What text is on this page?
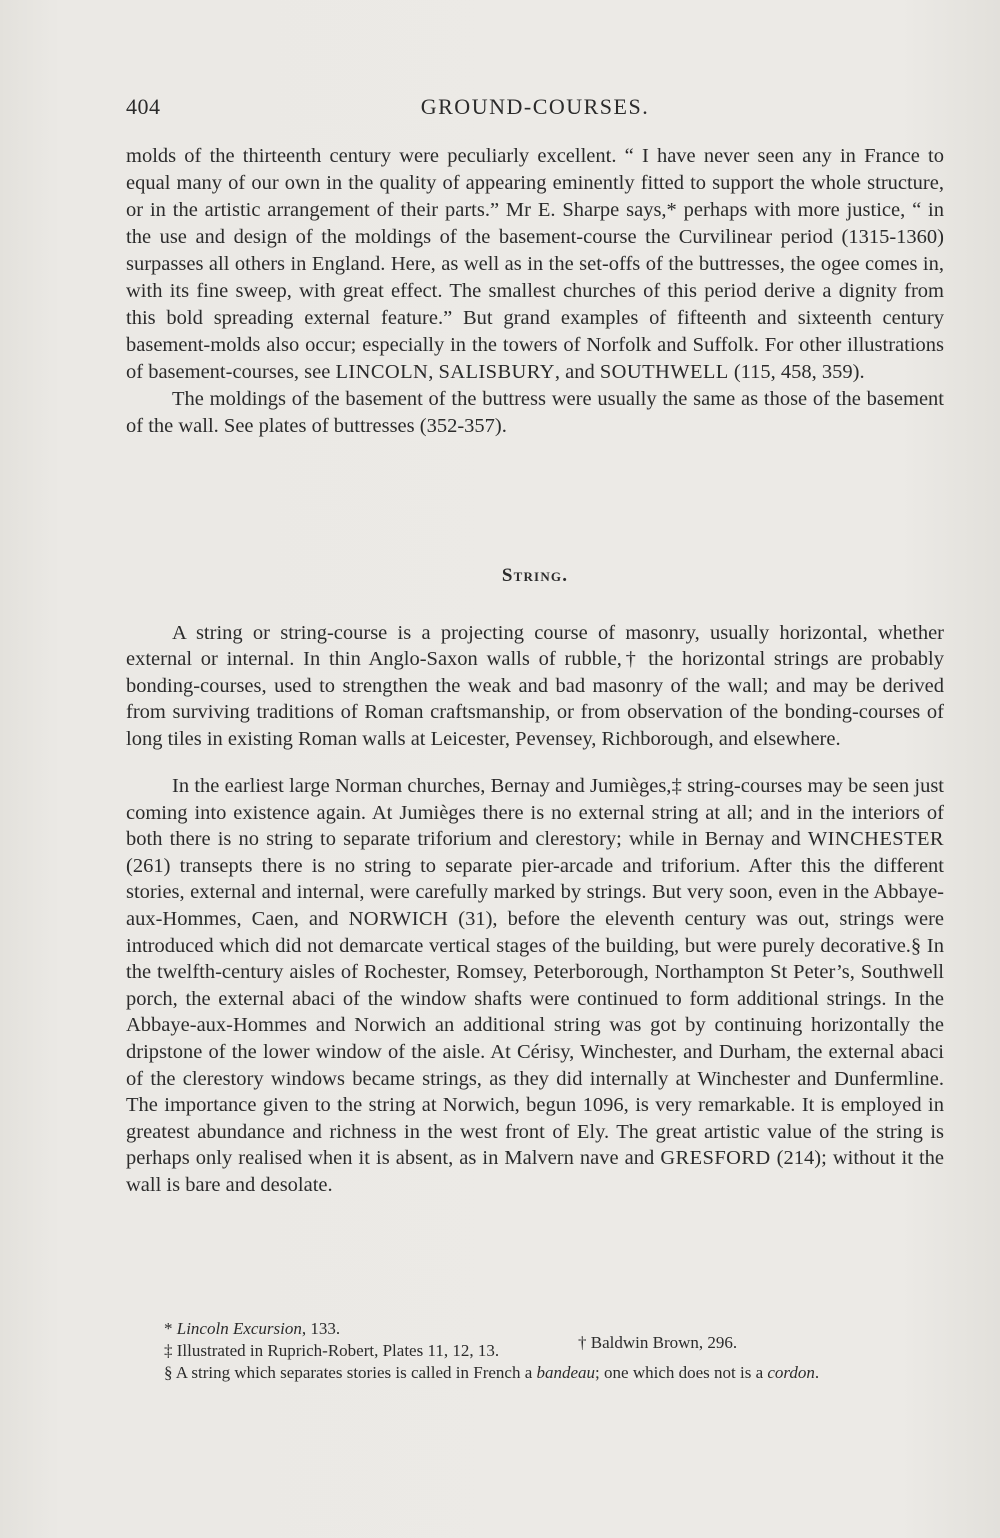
404	GROUND-COURSES.

molds of the thirteenth century were peculiarly excellent. “ I have never seen any in France to equal many of our own in the quality of appearing eminently fitted to support the whole structure, or in the artistic arrangement of their parts.” Mr E. Sharpe says,* perhaps with more justice, “ in the use and design of the moldings of the basement-course the Curvilinear period (1315-1360) surpasses all others in England. Here, as well as in the set-offs of the buttresses, the ogee comes in, with its fine sweep, with great effect. The smallest churches of this period derive a dignity from this bold spreading external feature.” But grand examples of fifteenth and sixteenth century basement-molds also occur; especially in the towers of Norfolk and Suffolk. For other illustrations of basement-courses, see LINCOLN, SALISBURY, and SOUTHWELL (115, 458, 359).

The moldings of the basement of the buttress were usually the same as those of the basement of the wall. See plates of buttresses (352-357).

String.

A string or string-course is a projecting course of masonry, usually horizontal, whether external or internal. In thin Anglo-Saxon walls of rubble,† the horizontal strings are probably bonding-courses, used to strengthen the weak and bad masonry of the wall; and may be derived from surviving traditions of Roman craftsmanship, or from observation of the bonding-courses of long tiles in existing Roman walls at Leicester, Pevensey, Richborough, and elsewhere.

In the earliest large Norman churches, Bernay and Jumièges,‡ string-courses may be seen just coming into existence again. At Jumièges there is no external string at all; and in the interiors of both there is no string to separate triforium and clerestory; while in Bernay and WINCHESTER (261) transepts there is no string to separate pier-arcade and triforium. After this the different stories, external and internal, were carefully marked by strings. But very soon, even in the Abbaye-aux-Hommes, Caen, and NORWICH (31), before the eleventh century was out, strings were introduced which did not demarcate vertical stages of the building, but were purely decorative.§ In the twelfth-century aisles of Rochester, Romsey, Peterborough, Northampton St Peter’s, Southwell porch, the external abaci of the window shafts were continued to form additional strings. In the Abbaye-aux-Hommes and Norwich an additional string was got by continuing horizontally the dripstone of the lower window of the aisle. At Cérisy, Winchester, and Durham, the external abaci of the clerestory windows became strings, as they did internally at Winchester and Dunfermline. The importance given to the string at Norwich, begun 1096, is very remarkable. It is employed in greatest abundance and richness in the west front of Ely. The great artistic value of the string is perhaps only realised when it is absent, as in Malvern nave and GRESFORD (214); without it the wall is bare and desolate.

* Lincoln Excursion, 133.
† Baldwin Brown, 296.

‡ Illustrated in Ruprich-Robert, Plates 11, 12, 13.

§ A string which separates stories is called in French a bandeau; one which does not is a cordon.
